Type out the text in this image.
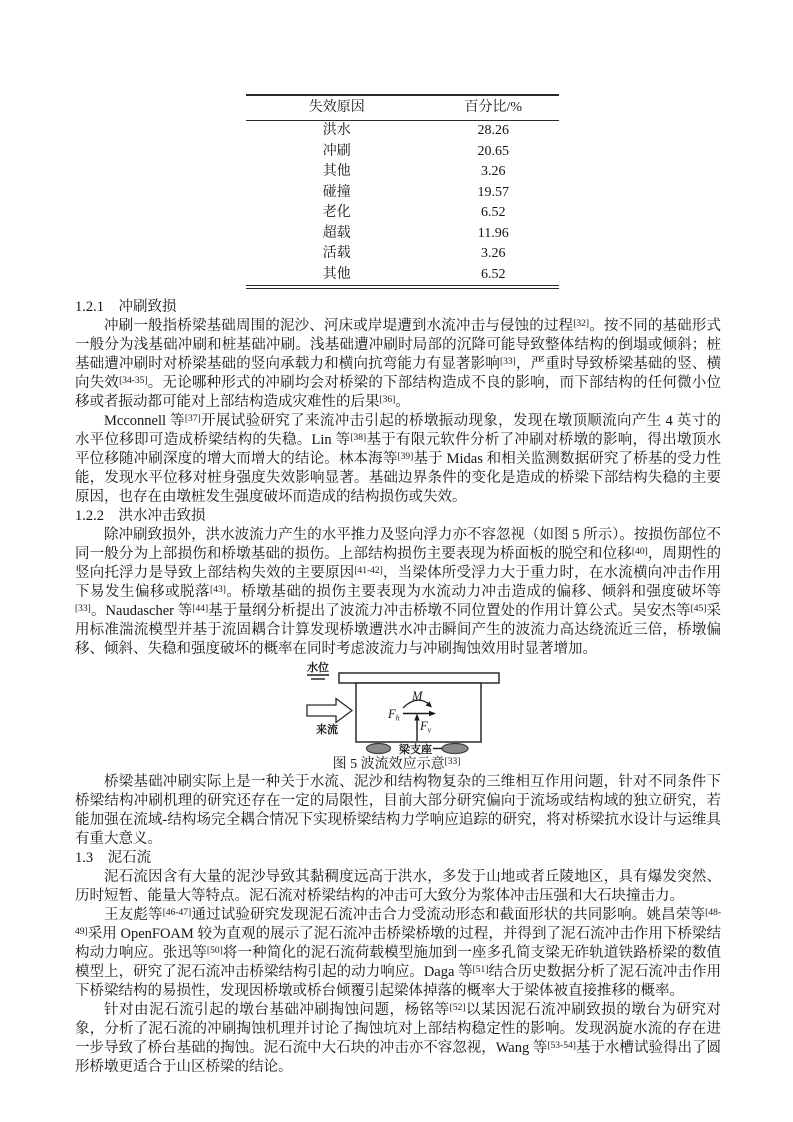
失效原因	百分比/%
洪水	28.26
冲刷	20.65
其他	3.26
碰撞	19.57
老化	6.52
超载	11.96
活载	3.26
其他	6.52
1.2.1　冲刷致损
冲刷一般指桥梁基础周围的泥沙、河床或岸堤遭到水流冲击与侵蚀的过程[32]。按不同的基础形式一般分为浅基础冲刷和桩基础冲刷。浅基础遭冲刷时局部的沉降可能导致整体结构的倒塌或倾斜；桩基础遭冲刷时对桥梁基础的竖向承载力和横向抗弯能力有显著影响[33]，严重时导致桥梁基础的竖、横向失效[34-35]。无论哪种形式的冲刷均会对桥梁的下部结构造成不良的影响，而下部结构的任何微小位移或者振动都可能对上部结构造成灾难性的后果[36]。
Mcconnell 等[37]开展试验研究了来流冲击引起的桥墩振动现象，发现在墩顶顺流向产生 4 英寸的水平位移即可造成桥梁结构的失稳。Lin 等[38]基于有限元软件分析了冲刷对桥墩的影响，得出墩顶水平位移随冲刷深度的增大而增大的结论。林本海等[39]基于 Midas 和相关监测数据研究了桥基的受力性能，发现水平位移对桩身强度失效影响显著。基础边界条件的变化是造成的桥梁下部结构失稳的主要原因，也存在由墩桩发生强度破坏而造成的结构损伤或失效。
1.2.2　洪水冲击致损
除冲刷致损外，洪水波流力产生的水平推力及竖向浮力亦不容忽视（如图 5 所示）。按损伤部位不同一般分为上部损伤和桥墩基础的损伤。上部结构损伤主要表现为桥面板的脱空和位移[40]，周期性的竖向托浮力是导致上部结构失效的主要原因[41-42]，当梁体所受浮力大于重力时，在水流横向冲击作用下易发生偏移或脱落[43]。桥墩基础的损伤主要表现为水流动力冲击造成的偏移、倾斜和强度破坏等[33]。Naudascher 等[44]基于量纲分析提出了波流力冲击桥墩不同位置处的作用计算公式。吴安杰等[45]采用标准湍流模型并基于流固耦合计算发现桥墩遭洪水冲击瞬间产生的波流力高达绕流近三倍，桥墩偏移、倾斜、失稳和强度破坏的概率在同时考虑波流力与冲刷掏蚀效用时显著增加。
水位
来流
M
Fh
Fv
梁支座
图 5 波流效应示意[33]
桥梁基础冲刷实际上是一种关于水流、泥沙和结构物复杂的三维相互作用问题，针对不同条件下桥梁结构冲刷机理的研究还存在一定的局限性，目前大部分研究偏向于流场或结构域的独立研究，若能加强在流域-结构场完全耦合情况下实现桥梁结构力学响应追踪的研究，将对桥梁抗水设计与运维具有重大意义。
1.3　泥石流
泥石流因含有大量的泥沙导致其黏稠度远高于洪水，多发于山地或者丘陵地区，具有爆发突然、历时短暂、能量大等特点。泥石流对桥梁结构的冲击可大致分为浆体冲击压强和大石块撞击力。
王友彪等[46-47]通过试验研究发现泥石流冲击合力受流动形态和截面形状的共同影响。姚昌荣等[48-49]采用 OpenFOAM 较为直观的展示了泥石流冲击桥梁桥墩的过程，并得到了泥石流冲击作用下桥梁结构动力响应。张迅等[50]将一种简化的泥石流荷载模型施加到一座多孔简支梁无砟轨道铁路桥梁的数值模型上，研究了泥石流冲击桥梁结构引起的动力响应。Daga 等[51]结合历史数据分析了泥石流冲击作用下桥梁结构的易损性，发现因桥墩或桥台倾覆引起梁体掉落的概率大于梁体被直接推移的概率。
针对由泥石流引起的墩台基础冲刷掏蚀问题，杨铭等[52]以某因泥石流冲刷致损的墩台为研究对象，分析了泥石流的冲刷掏蚀机理并讨论了掏蚀坑对上部结构稳定性的影响。发现涡旋水流的存在进一步导致了桥台基础的掏蚀。泥石流中大石块的冲击亦不容忽视，Wang 等[53-54]基于水槽试验得出了圆形桥墩更适合于山区桥梁的结论。
